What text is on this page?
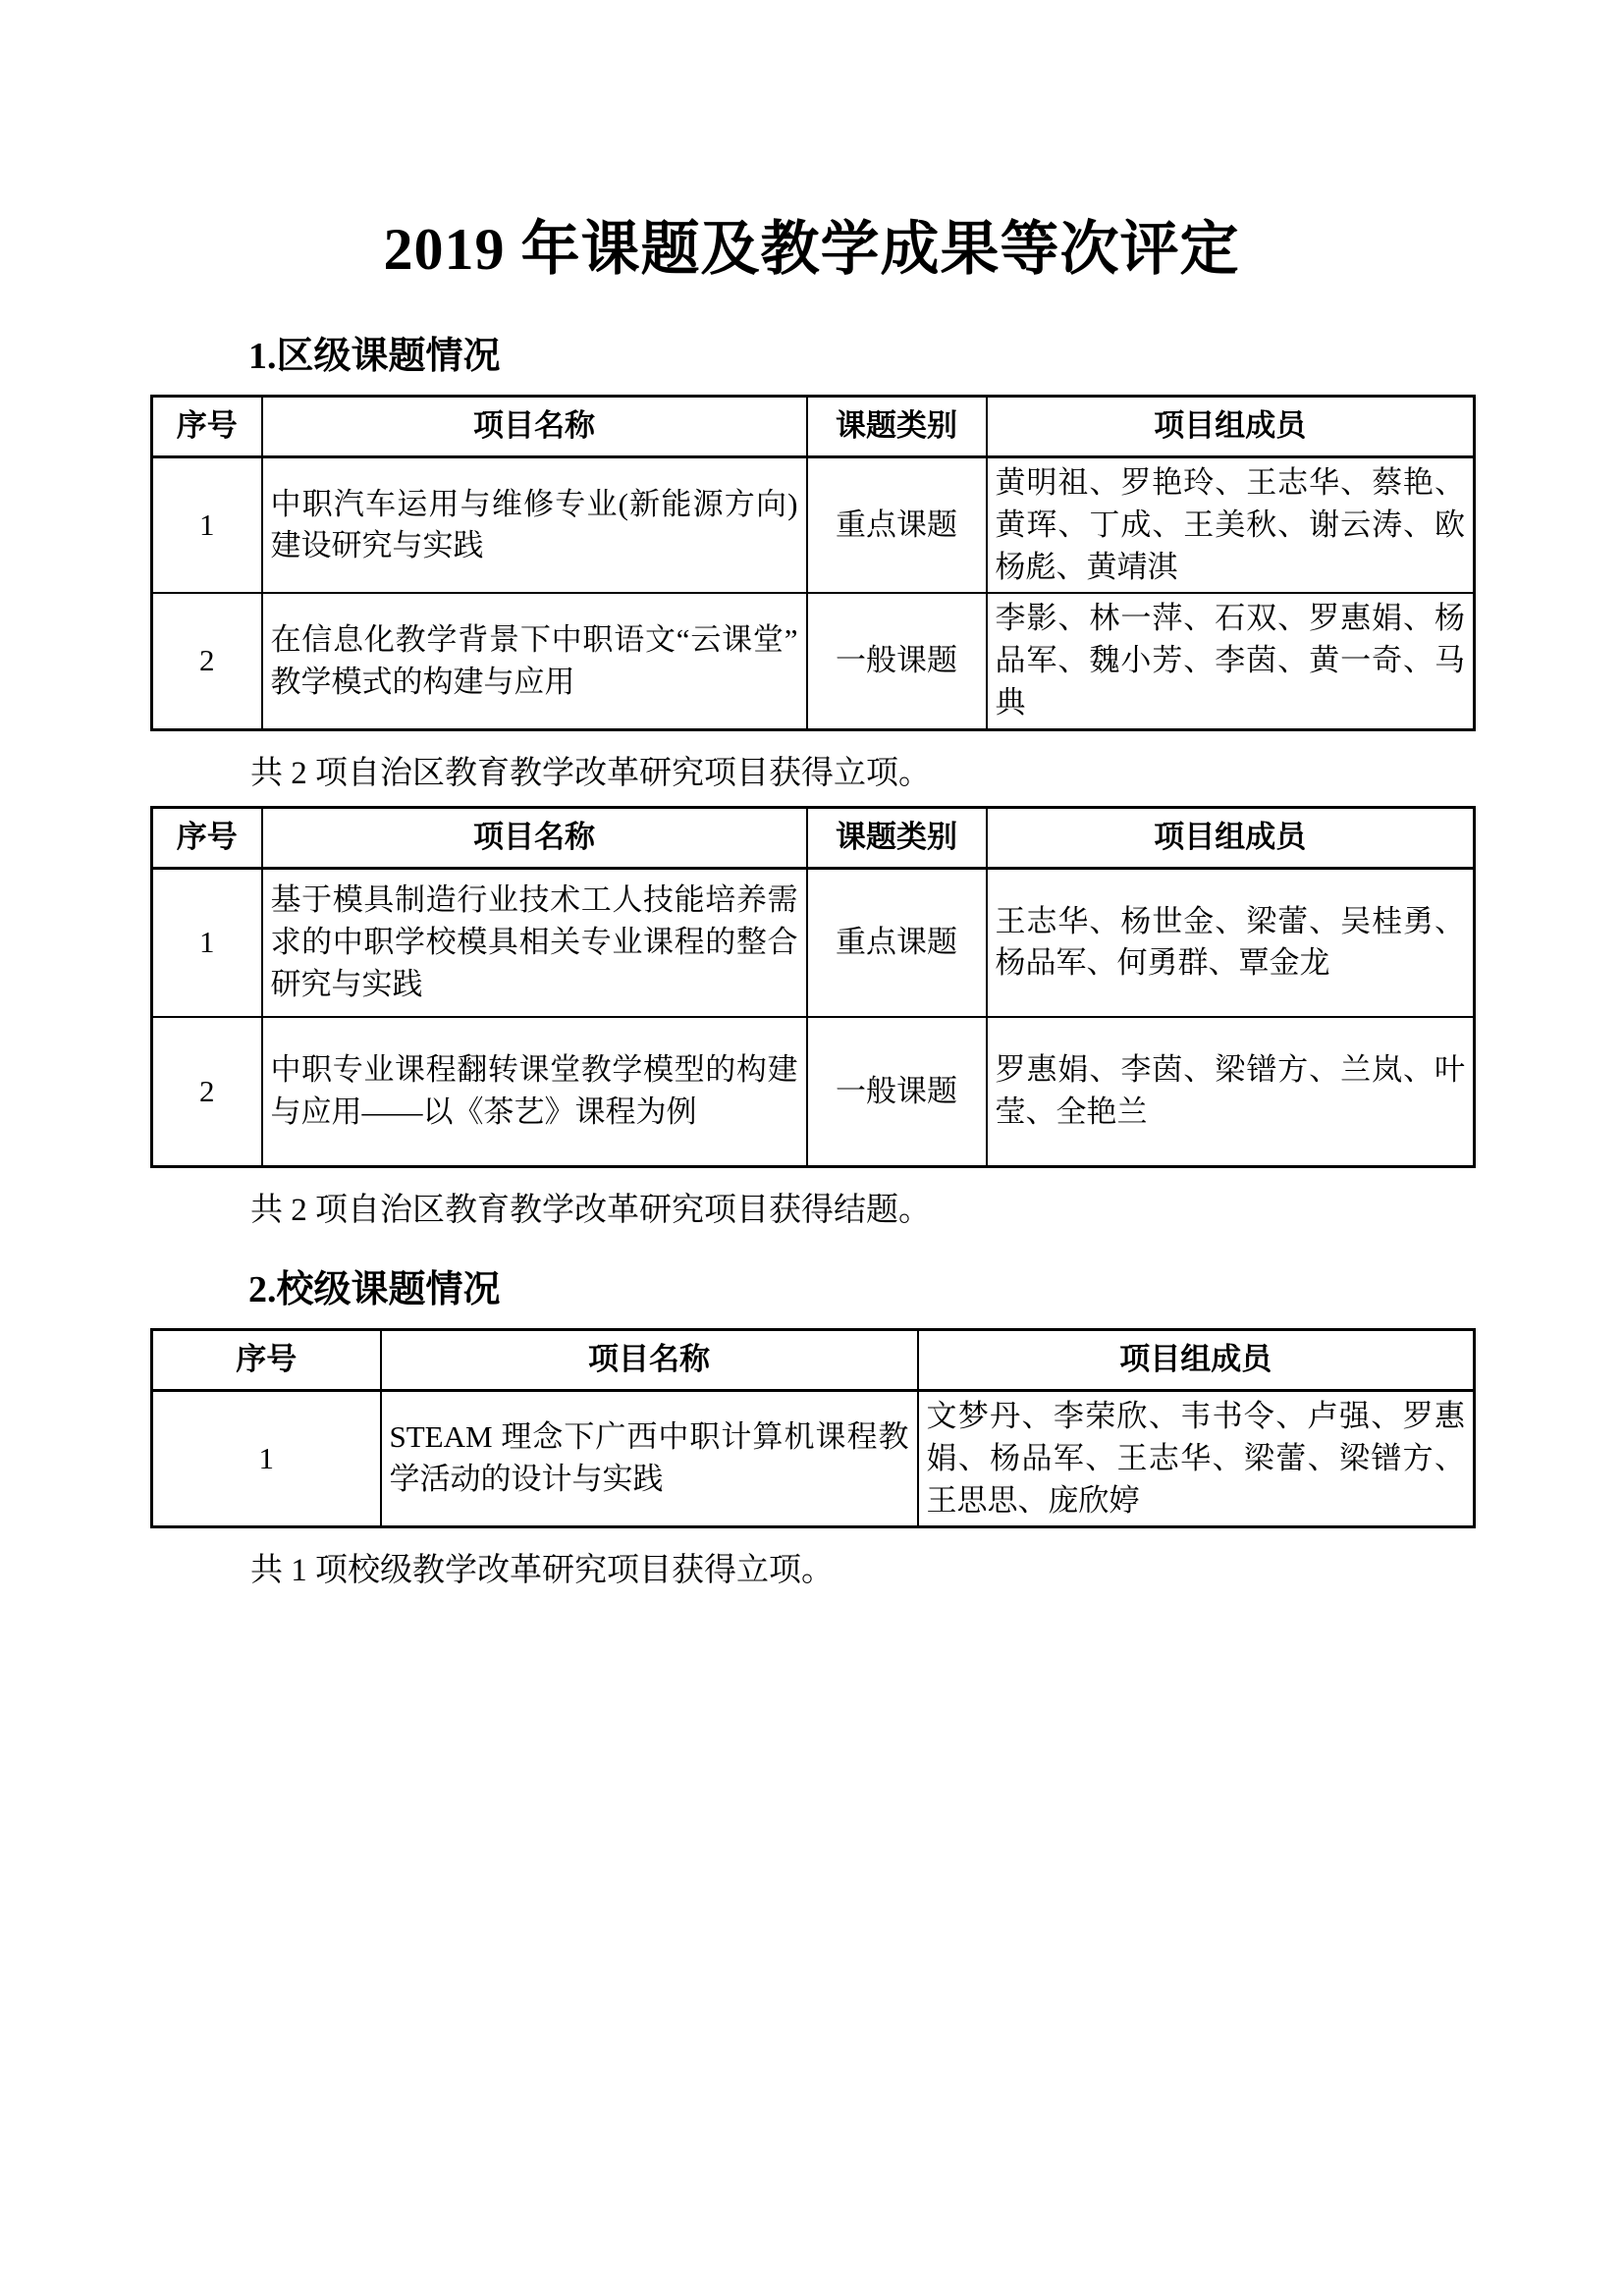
2019 年课题及教学成果等次评定
1.区级课题情况
序号	项目名称	课题类别	项目组成员
1	中职汽车运用与维修专业(新能源方向)建设研究与实践	重点课题	黄明祖、罗艳玲、王志华、蔡艳、黄珲、丁成、王美秋、谢云涛、欧杨彪、黄靖淇
2	在信息化教学背景下中职语文“云课堂”教学模式的构建与应用	一般课题	李影、林一萍、石双、罗惠娟、杨品军、魏小芳、李茵、黄一奇、马典

共 2 项自治区教育教学改革研究项目获得立项。

序号	项目名称	课题类别	项目组成员
1	基于模具制造行业技术工人技能培养需求的中职学校模具相关专业课程的整合研究与实践	重点课题	王志华、杨世金、梁蕾、吴桂勇、杨品军、何勇群、覃金龙
2	中职专业课程翻转课堂教学模型的构建与应用——以《茶艺》课程为例	一般课题	罗惠娟、李茵、梁镨方、兰岚、叶莹、全艳兰

共 2 项自治区教育教学改革研究项目获得结题。

2.校级课题情况
序号	项目名称	项目组成员
1	STEAM 理念下广西中职计算机课程教学活动的设计与实践	文梦丹、李荣欣、韦书令、卢强、罗惠娟、杨品军、王志华、梁蕾、梁镨方、王思思、庞欣婷

共 1 项校级教学改革研究项目获得立项。
